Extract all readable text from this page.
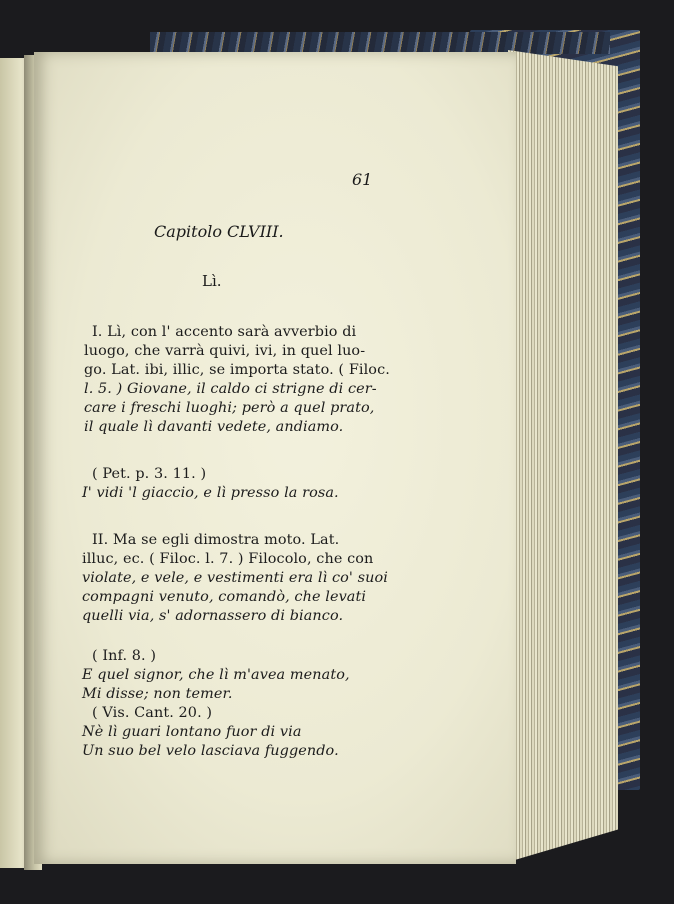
61
Capitolo CLVIII.
Lì.
I. Lì, con l' accento sarà avverbio di
luogo, che varrà quivi, ivi, in quel luo-
go. Lat. ibi, illic, se importa stato. ( Filoc.
l. 5. ) Giovane, il caldo ci strigne di cer-
care i freschi luoghi; però a quel prato,
il quale lì davanti vedete, andiamo.
( Pet. p. 3. 11. )
I' vidi 'l giaccio, e lì presso la rosa.
II. Ma se egli dimostra moto. Lat.
illuc, ec. ( Filoc. l. 7. ) Filocolo, che con
violate, e vele, e vestimenti era lì co' suoi
compagni venuto, comandò, che levati
quelli via, s' adornassero di bianco.
( Inf. 8. )
E quel signor, che lì m'avea menato,
Mi disse; non temer.
( Vis. Cant. 20. )
Nè lì guari lontano fuor di via
Un suo bel velo lasciava fuggendo.
